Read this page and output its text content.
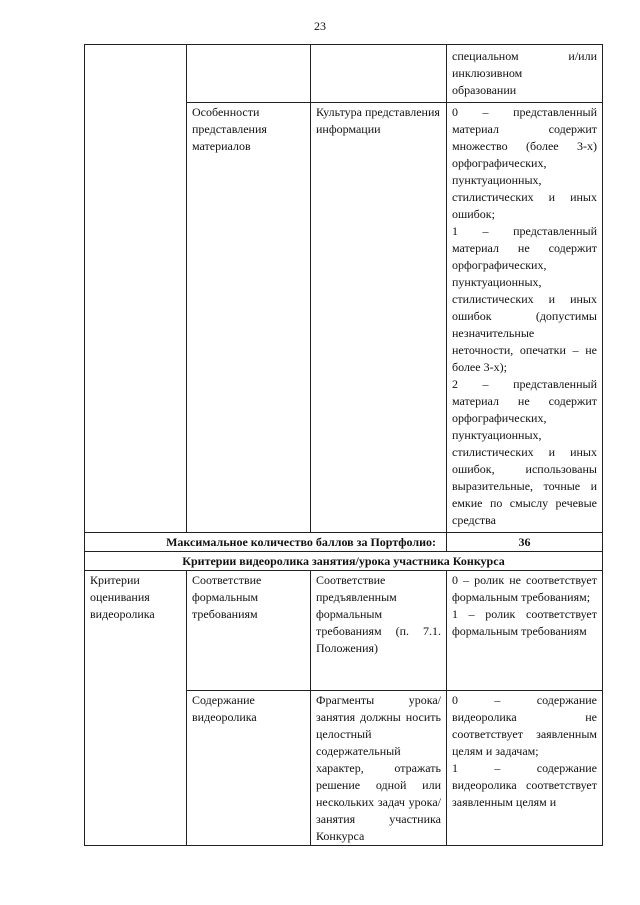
23

			специальном и/или
инклюзивном образовании

	Особенности представления материалов	Культура представления информации	0 – представленный материал содержит множество (более 3-х) орфографических, пунктуационных, стилистических и иных ошибок;

1 – представленный материал не содержит орфографических, пунктуационных, стилистических и иных ошибок (допустимы незначительные неточности, опечатки – не более 3-х);

2 – представленный материал не содержит орфографических, пунктуационных, стилистических и иных ошибок, использованы выразительные, точные и емкие по смыслу речевые средства

Максимальное количество баллов за Портфолио:			36
Критерии видеоролика занятия/урока участника Конкурса			
Критерии оценивания видеоролика	Соответствие формальным требованиям	Соответствие предъявленным формальным требованиям (п. 7.1. Положения)	0 – ролик не соответствует формальным требованиям;

1 – ролик соответствует формальным требованиям

	Содержание видеоролика	Фрагменты урока/занятия должны носить целостный содержательный характер, отражать решение одной или нескольких задач урока/занятия участника Конкурса	0 – содержание видеоролика не соответствует заявленным целям и задачам;

1 – содержание видеоролика соответствует заявленным целям и
